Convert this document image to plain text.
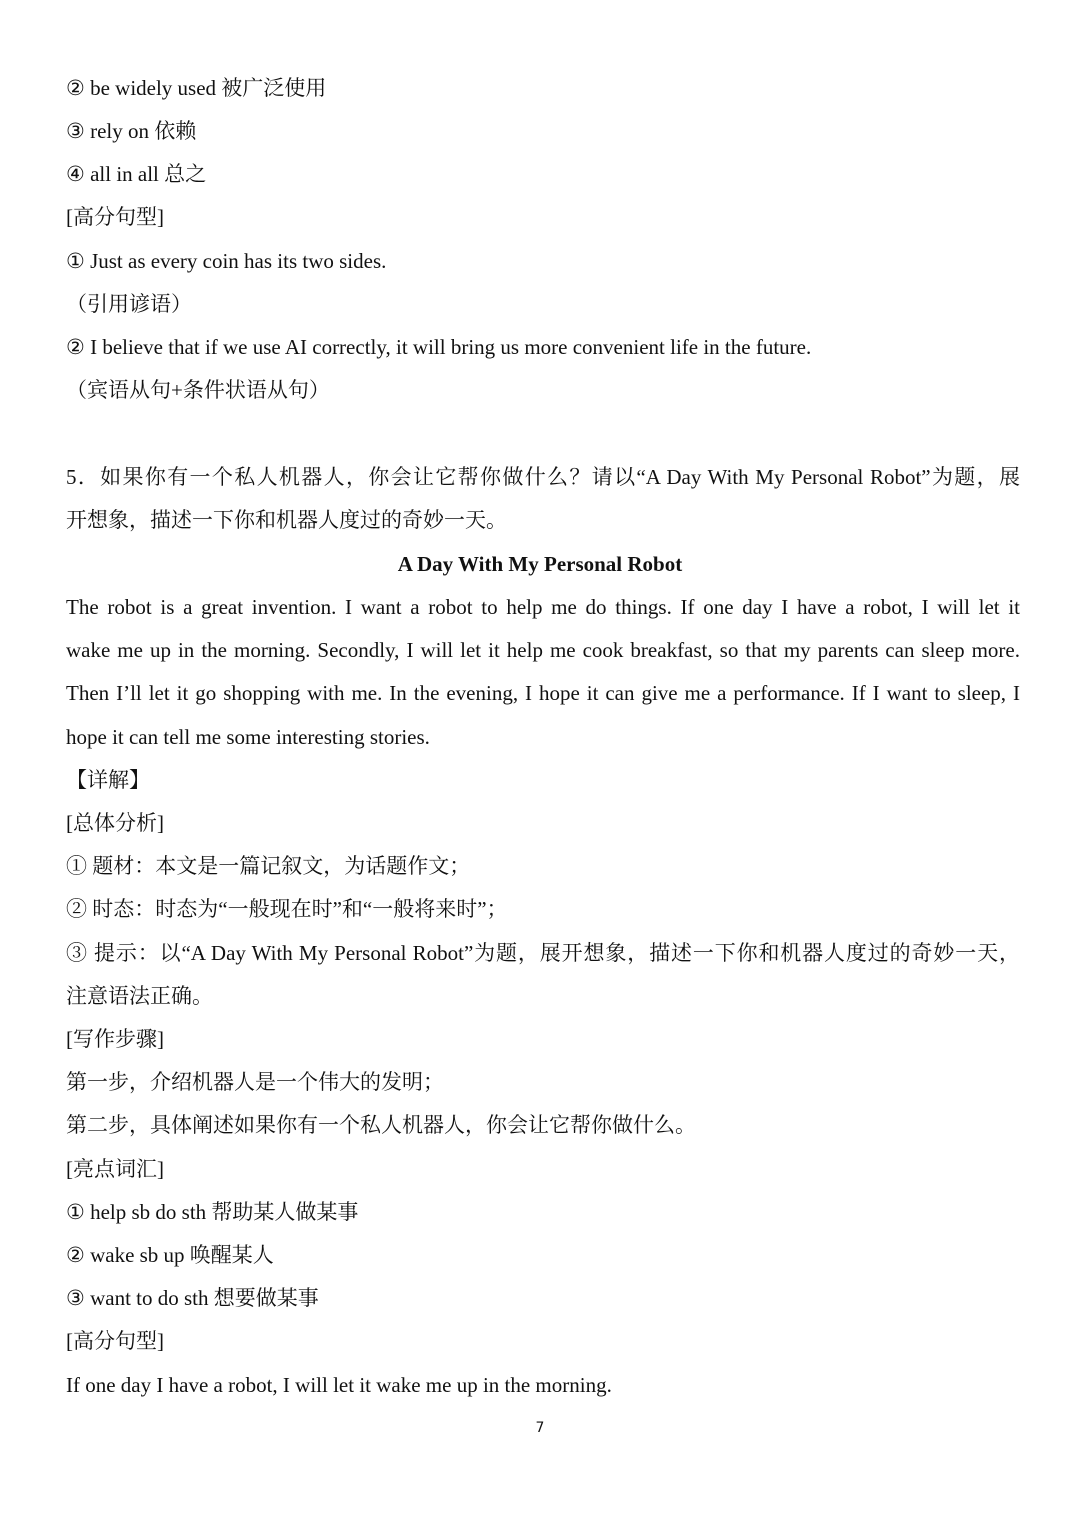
② be widely used 被广泛使用
③ rely on 依赖
④ all in all 总之
[高分句型]
① Just as every coin has its two sides.
（引用谚语）
② I believe that if we use AI correctly, it will bring us more convenient life in the future.
（宾语从句+条件状语从句）
5．如果你有一个私人机器人，你会让它帮你做什么？请以“A Day With My Personal Robot”为题，展
开想象，描述一下你和机器人度过的奇妙一天。
A Day With My Personal Robot
The robot is a great invention. I want a robot to help me do things. If one day I have a robot, I will let it
wake me up in the morning. Secondly, I will let it help me cook breakfast, so that my parents can sleep more.
Then I’ll let it go shopping with me. In the evening, I hope it can give me a performance. If I want to sleep, I
hope it can tell me some interesting stories.
【详解】
[总体分析]
① 题材：本文是一篇记叙文，为话题作文；
② 时态：时态为“一般现在时”和“一般将来时”；
③ 提示：以“A Day With My Personal Robot”为题，展开想象，描述一下你和机器人度过的奇妙一天，
注意语法正确。
[写作步骤]
第一步，介绍机器人是一个伟大的发明；
第二步，具体阐述如果你有一个私人机器人，你会让它帮你做什么。
[亮点词汇]
① help sb do sth 帮助某人做某事
② wake sb up 唤醒某人
③ want to do sth 想要做某事
[高分句型]
If one day I have a robot, I will let it wake me up in the morning.
7
